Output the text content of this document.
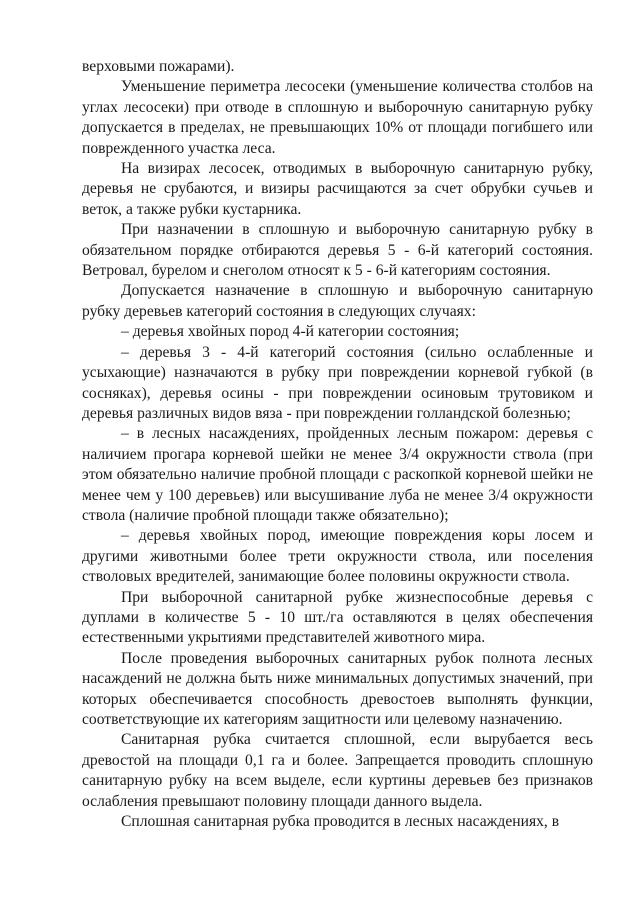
верховыми пожарами).

Уменьшение периметра лесосеки (уменьшение количества столбов на углах лесосеки) при отводе в сплошную и выборочную санитарную рубку допускается в пределах, не превышающих 10% от площади погибшего или поврежденного участка леса.

На визирах лесосек, отводимых в выборочную санитарную рубку, деревья не срубаются, и визиры расчищаются за счет обрубки сучьев и веток, а также рубки кустарника.

При назначении в сплошную и выборочную санитарную рубку в обязательном порядке отбираются деревья 5 - 6-й категорий состояния. Ветровал, бурелом и снеголом относят к 5 - 6-й категориям состояния.

Допускается назначение в сплошную и выборочную санитарную рубку деревьев категорий состояния в следующих случаях:

– деревья хвойных пород 4-й категории состояния;

– деревья 3 - 4-й категорий состояния (сильно ослабленные и усыхающие) назначаются в рубку при повреждении корневой губкой (в сосняках), деревья осины - при повреждении осиновым трутовиком и деревья различных видов вяза - при повреждении голландской болезнью;

– в лесных насаждениях, пройденных лесным пожаром: деревья с наличием прогара корневой шейки не менее 3/4 окружности ствола (при этом обязательно наличие пробной площади с раскопкой корневой шейки не менее чем у 100 деревьев) или высушивание луба не менее 3/4 окружности ствола (наличие пробной площади также обязательно);

– деревья хвойных пород, имеющие повреждения коры лосем и другими животными более трети окружности ствола, или поселения стволовых вредителей, занимающие более половины окружности ствола.

При выборочной санитарной рубке жизнеспособные деревья с дуплами в количестве 5 - 10 шт./га оставляются в целях обеспечения естественными укрытиями представителей животного мира.

После проведения выборочных санитарных рубок полнота лесных насаждений не должна быть ниже минимальных допустимых значений, при которых обеспечивается способность древостоев выполнять функции, соответствующие их категориям защитности или целевому назначению.

Санитарная рубка считается сплошной, если вырубается весь древостой на площади 0,1 га и более. Запрещается проводить сплошную санитарную рубку на всем выделе, если куртины деревьев без признаков ослабления превышают половину площади данного выдела.

Сплошная санитарная рубка проводится в лесных насаждениях, в
